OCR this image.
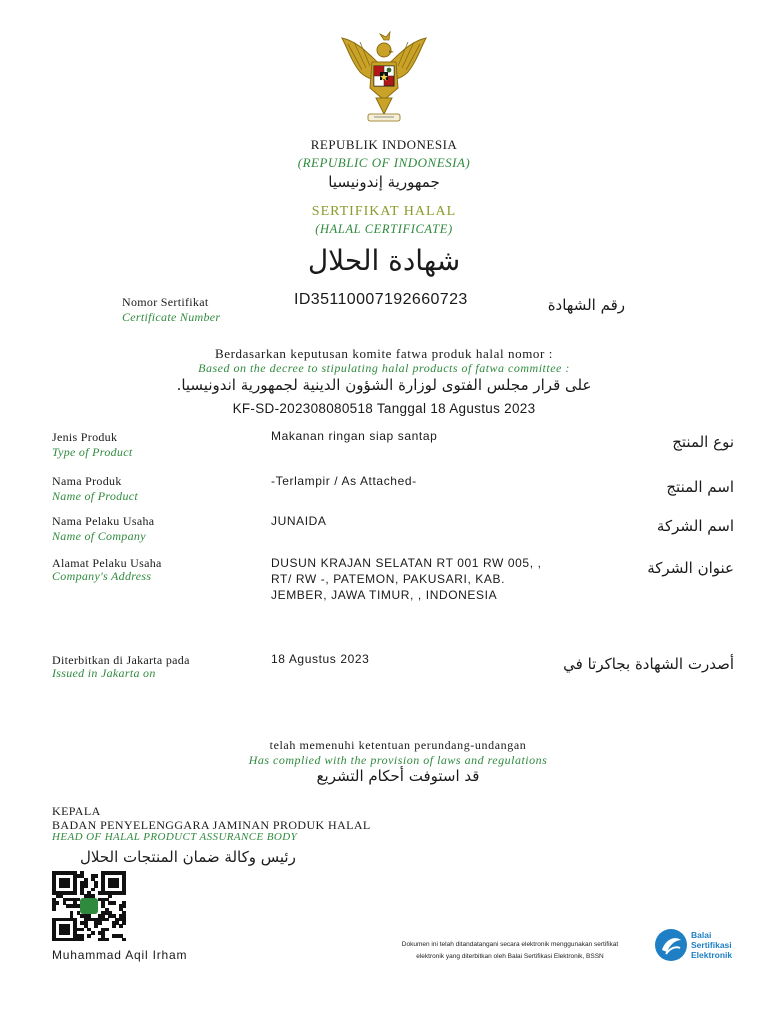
REPUBLIK INDONESIA
(REPUBLIC OF INDONESIA)
جمهورية إندونيسيا
SERTIFIKAT HALAL
(HALAL CERTIFICATE)
شهادة الحلال
Nomor Sertifikat
Certificate Number
ID35110007192660723	رقم الشهادة
Berdasarkan keputusan komite fatwa produk halal nomor :
Based on the decree to stipulating halal products of fatwa committee :
على قرار مجلس الفتوى لوزارة الشؤون الدينية لجمهورية اندونيسيا.
KF-SD-202308080518 Tanggal 18 Agustus 2023
Jenis Produk
Type of Product
Makanan ringan siap santap	نوع المنتج
Nama Produk
Name of Product
-Terlampir / As Attached-	اسم المنتج
Nama Pelaku Usaha
Name of Company
JUNAIDA	اسم الشركة
Alamat Pelaku Usaha
Company's Address
DUSUN KRAJAN SELATAN RT 001 RW 005, ,
RT/ RW -, PATEMON, PAKUSARI, KAB.
JEMBER, JAWA TIMUR, , INDONESIA
عنوان الشركة
Diterbitkan di Jakarta pada
Issued in Jakarta on
18 Agustus 2023	أصدرت الشهادة بجاكرتا في
telah memenuhi ketentuan perundang-undangan
Has complied with the provision of laws and regulations
قد استوفت أحكام التشريع
KEPALA
BADAN PENYELENGGARA JAMINAN PRODUK HALAL
HEAD OF HALAL PRODUCT ASSURANCE BODY
رئيس وكالة ضمان المنتجات الحلال
Muhammad Aqil Irham
Dokumen ini telah ditandatangani secara elektronik menggunakan sertifikat
elektronik yang diterbitkan oleh Balai Sertifikasi Elektronik, BSSN
Balai
Sertifikasi
Elektronik
